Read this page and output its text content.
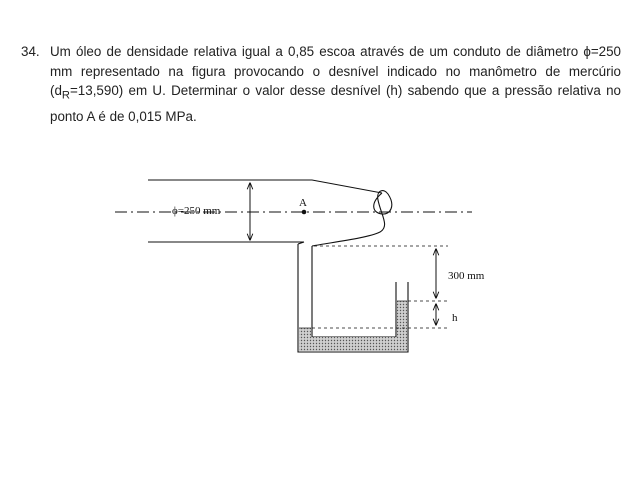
34. Um óleo de densidade relativa igual a 0,85 escoa através de um conduto de diâmetro ϕ=250 mm representado na figura provocando o desnível indicado no manômetro de mercúrio $(d_R=13,590)$ em U. Determinar o valor desse desnível (h) sabendo que a pressão relativa no ponto A é de 0,015 MPa.
ϕ=250 mm
A
300 mm
h
